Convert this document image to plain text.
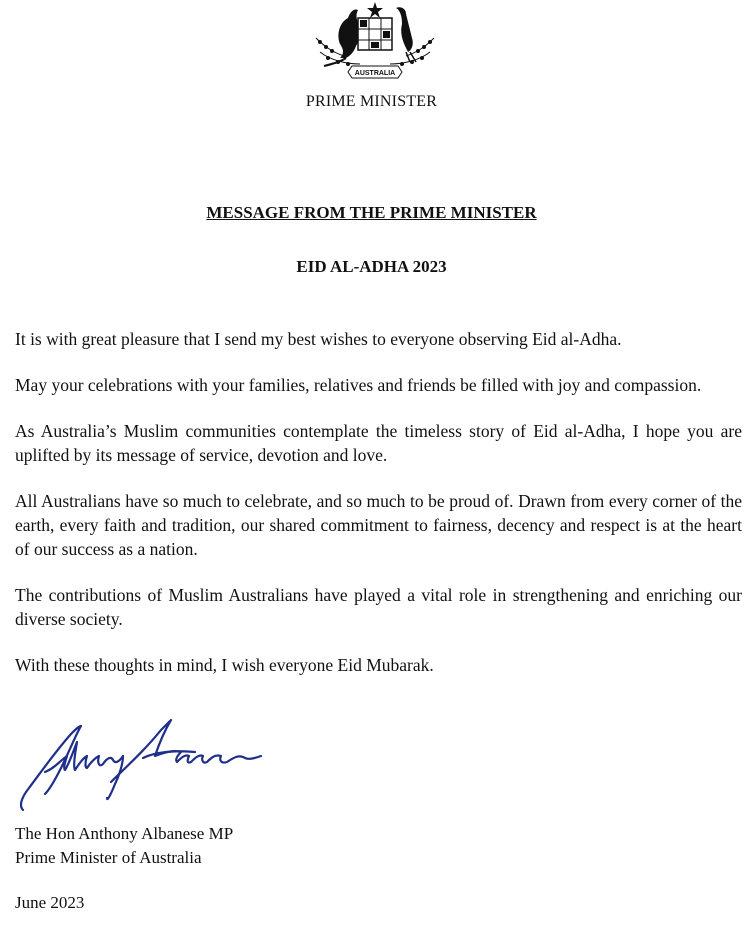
AUSTRALIA
PRIME MINISTER
MESSAGE FROM THE PRIME MINISTER
EID AL-ADHA 2023

It is with great pleasure that I send my best wishes to everyone observing Eid al-Adha.

May your celebrations with your families, relatives and friends be filled with joy and compassion.

As Australia’s Muslim communities contemplate the timeless story of Eid al-Adha, I hope you are uplifted by its message of service, devotion and love.

All Australians have so much to celebrate, and so much to be proud of. Drawn from every corner of the earth, every faith and tradition, our shared commitment to fairness, decency and respect is at the heart of our success as a nation.

The contributions of Muslim Australians have played a vital role in strengthening and enriching our diverse society.

With these thoughts in mind, I wish everyone Eid Mubarak.

The Hon Anthony Albanese MP
Prime Minister of Australia
June 2023
